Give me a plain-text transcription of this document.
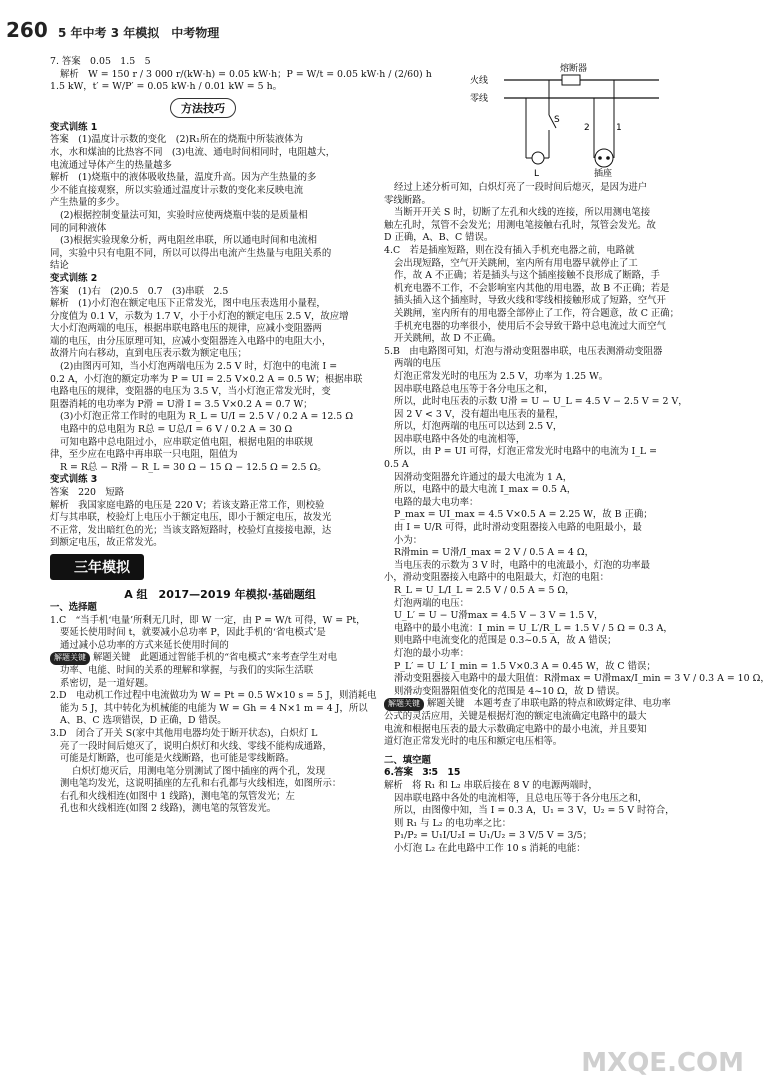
260 5 年中考 3 年模拟　中考物理

7. 答案　0.05　1.5　5

解析　W = 150 r / 3 000 r/(kW·h) = 0.05 kW·h；P = W/t = 0.05 kW·h / (2/60) h

1.5 kW，t′ = W/P′ = 0.05 kW·h / 0.01 kW = 5 h。

方法技巧

变式训练 1

答案　(1)温度计示数的变化　(2)R₁所在的烧瓶中所装液体为

水，水和煤油的比热容不同　(3)电流、通电时间相同时，电阻越大，

电流通过导体产生的热量越多

解析　(1)烧瓶中的液体吸收热量，温度升高。因为产生热量的多

少不能直接观察，所以实验通过温度计示数的变化来反映电流

产生热量的多少。

(2)根据控制变量法可知，实验时应使两烧瓶中装的是质量相

同的同种液体

(3)根据实验现象分析，两电阻丝串联，所以通电时间和电流相

同，实验中只有电阻不同，所以可以得出电流产生热量与电阻关系的

结论

变式训练 2

答案　(1)右　(2)0.5　0.7　(3)串联　2.5

解析　(1)小灯泡在额定电压下正常发光，图中电压表选用小量程，

分度值为 0.1 V，示数为 1.7 V，小于小灯泡的额定电压 2.5 V，故应增

大小灯泡两端的电压，根据串联电路电压的规律，应减小变阻器两

端的电压，由分压原理可知，应减小变阻器连入电路中的电阻大小，

故滑片向右移动，直到电压表示数为额定电压；

(2)由图丙可知，当小灯泡两端电压为 2.5 V 时，灯泡中的电流 I =

0.2 A，小灯泡的额定功率为 P = UI = 2.5 V×0.2 A = 0.5 W；根据串联

电路电压的规律，变阻器的电压为 3.5 V，当小灯泡正常发光时，变

阻器消耗的电功率为 P滑 = U滑 I = 3.5 V×0.2 A = 0.7 W；

(3)小灯泡正常工作时的电阻为 R_L = U/I = 2.5 V / 0.2 A = 12.5 Ω

电路中的总电阻为 R总 = U总/I = 6 V / 0.2 A = 30 Ω

可知电路中总电阻过小，应串联定值电阻，根据电阻的串联规

律，至少应在电路中再串联一只电阻，阻值为

R = R总 − R滑 − R_L = 30 Ω − 15 Ω − 12.5 Ω = 2.5 Ω。

变式训练 3

答案　220　短路

解析　我国家庭电路的电压是 220 V；若该支路正常工作，则校验

灯与其串联，校验灯上电压小于额定电压，即小于额定电压，故发光

不正常，发出暗红色的光；当该支路短路时，校验灯直接接电源，达

到额定电压，故正常发光。

三年模拟

A 组　2017—2019 年模拟·基础题组

一、选择题

1.C　“当手机‘电量’所剩无几时，即 W 一定，由 P = W/t 可得，W = Pt，

要延长使用时间 t，就要减小总功率 P，因此手机的‘省电模式’是

通过减小总功率的方式来延长使用时间的

解题关键 解题关键　此题通过智能手机的“省电模式”来考查学生对电

功率、电能、时间的关系的理解和掌握，与我们的实际生活联

系密切，是一道好题。

2.D　电动机工作过程中电流做功为 W = Pt = 0.5 W×10 s = 5 J，则消耗电

能为 5 J，其中转化为机械能的电能为 W = Gh = 4 N×1 m = 4 J，所以

A、B、C 选项错误，D 正确，D 错误。

3.D　闭合了开关 S(家中其他用电器均处于断开状态)，白炽灯 L

亮了一段时间后熄灭了，说明白炽灯和火线、零线不能构成通路，

可能是灯断路，也可能是火线断路，也可能是零线断路。

白炽灯熄灭后，用测电笔分别测试了图中插座的两个孔，发现

测电笔均发光，这说明插座的左孔和右孔都与火线相连，如图所示：

右孔和火线相连(如图中 1 线路)，测电笔的氖管发光；左

孔也和火线相连(如图 2 线路)，测电笔的氖管发光。

火线
零线
熔断器
S
1
2
L	插座

经过上述分析可知，白炽灯亮了一段时间后熄灭，是因为进户

零线断路。

当断开开关 S 时，切断了左孔和火线的连接，所以用测电笔接

触左孔时，氖管不会发光；用测电笔接触右孔时，氖管会发光。故

D 正确，A、B、C 错误。

4.C　若是插座短路，则在没有插入手机充电器之前，电路就

会出现短路，空气开关跳闸，室内所有用电器早就停止了工

作，故 A 不正确；若是插头与这个插座接触不良形成了断路，手

机充电器不工作，不会影响室内其他的用电器，故 B 不正确；若是

插头插入这个插座时，导致火线和零线相接触形成了短路，空气开

关跳闸，室内所有的用电器全部停止了工作，符合题意，故 C 正确；

手机充电器的功率很小，使用后不会导致干路中总电流过大而空气

开关跳闸，故 D 不正确。

5.B　由电路图可知，灯泡与滑动变阻器串联，电压表测滑动变阻器

两端的电压

灯泡正常发光时的电压为 2.5 V，功率为 1.25 W。

因串联电路总电压等于各分电压之和，

所以，此时电压表的示数 U滑 = U − U_L = 4.5 V − 2.5 V = 2 V，

因 2 V < 3 V，没有超出电压表的量程，

所以，灯泡两端的电压可以达到 2.5 V，

因串联电路中各处的电流相等，

所以，由 P = UI 可得，灯泡正常发光时电路中的电流为 I_L =

0.5 A

因滑动变阻器允许通过的最大电流为 1 A，

所以，电路中的最大电流 I_max = 0.5 A，

电路的最大电功率：

P_max = UI_max = 4.5 V×0.5 A = 2.25 W，故 B 正确；

由 I = U/R 可得，此时滑动变阻器接入电路的电阻最小，最

小为：

R滑min = U滑/I_max = 2 V / 0.5 A = 4 Ω，

当电压表的示数为 3 V 时，电路中的电流最小，灯泡的功率最

小，滑动变阻器接入电路中的电阻最大，灯泡的电阻：

R_L = U_L/I_L = 2.5 V / 0.5 A = 5 Ω，

灯泡两端的电压：

U_L′ = U − U滑max = 4.5 V − 3 V = 1.5 V，

电路中的最小电流：I_min = U_L′/R_L = 1.5 V / 5 Ω = 0.3 A，

则电路中电流变化的范围是 0.3~0.5 A，故 A 错误；

灯泡的最小功率：

P_L′ = U_L′ I_min = 1.5 V×0.3 A = 0.45 W，故 C 错误；

滑动变阻器接入电路中的最大阻值：R滑max = U滑max/I_min = 3 V / 0.3 A = 10 Ω，

则滑动变阻器阻值变化的范围是 4~10 Ω，故 D 错误。

解题关键 解题关键　本题考查了串联电路的特点和欧姆定律、电功率

公式的灵活应用，关键是根据灯泡的额定电流确定电路中的最大

电流和根据电压表的最大示数确定电路中的最小电流，并且要知

道灯泡正常发光时的电压和额定电压相等。

二、填空题

6.答案　3∶5　15

解析　将 R₁ 和 L₂ 串联后接在 8 V 的电源两端时，

因串联电路中各处的电流相等，且总电压等于各分电压之和，

所以，由图像中知，当 I = 0.3 A，U₁ = 3 V，U₂ = 5 V 时符合，

则 R₁ 与 L₂ 的电功率之比：

P₁/P₂ = U₁I/U₂I = U₁/U₂ = 3 V/5 V = 3/5；

小灯泡 L₂ 在此电路中工作 10 s 消耗的电能：

MXQE.COM
